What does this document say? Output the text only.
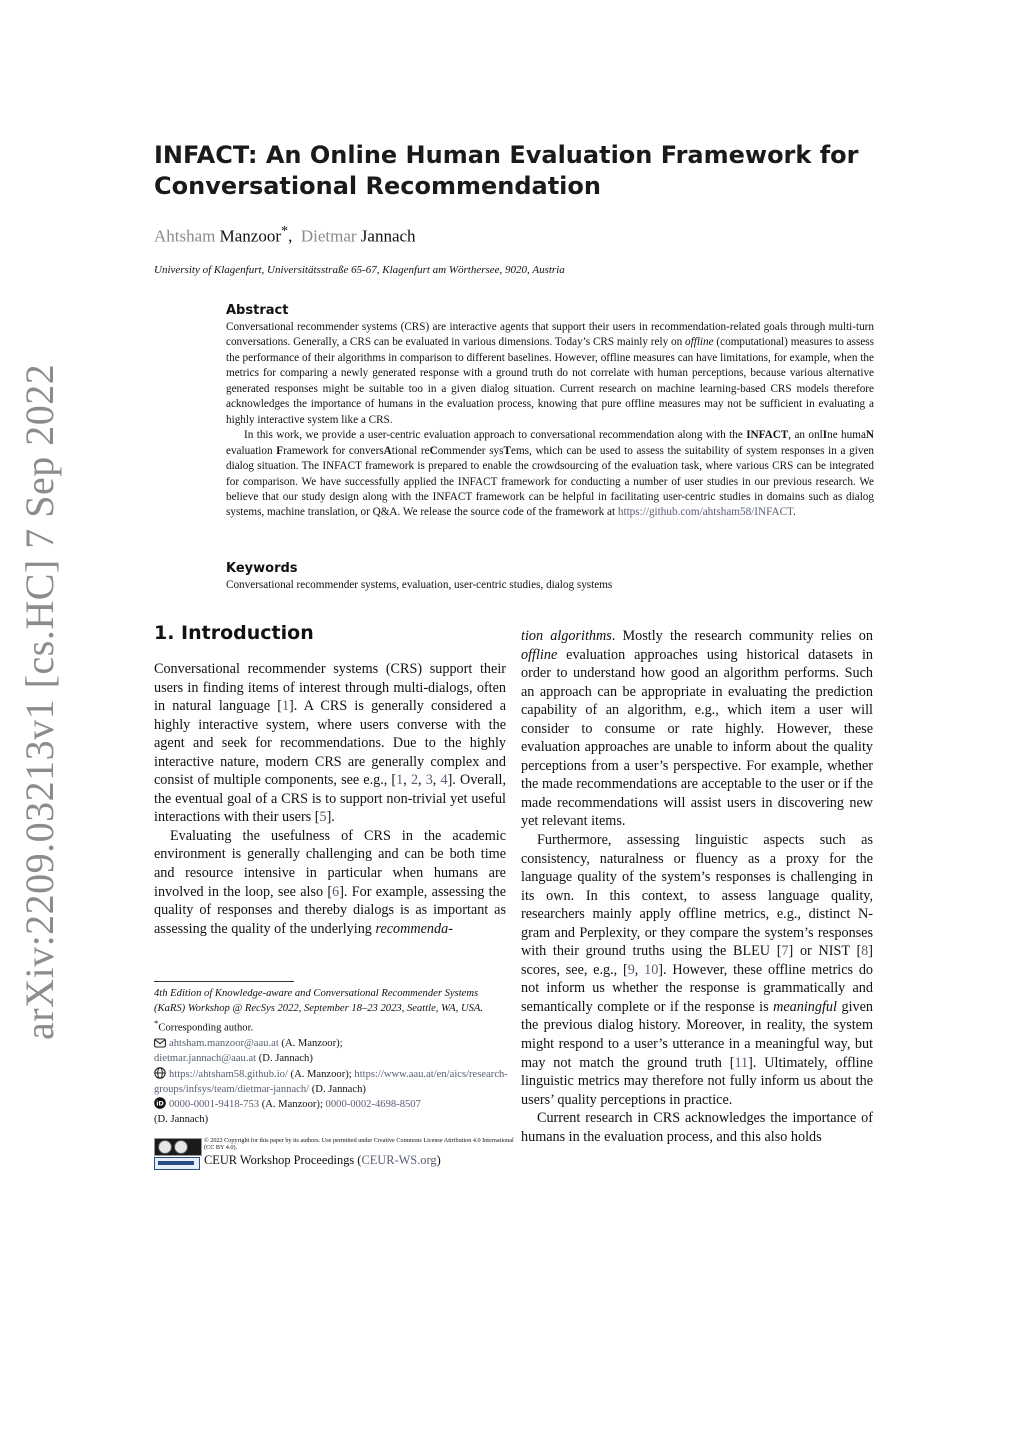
arXiv:2209.03213v1 [cs.HC] 7 Sep 2022
INFACT: An Online Human Evaluation Framework for Conversational Recommendation
Ahtsham Manzoor*,  Dietmar Jannach
University of Klagenfurt, Universitätsstraße 65-67, Klagenfurt am Wörthersee, 9020, Austria
Abstract

Conversational recommender systems (CRS) are interactive agents that support their users in recommendation-related goals through multi-turn conversations. Generally, a CRS can be evaluated in various dimensions. Today’s CRS mainly rely on offline (computational) measures to assess the performance of their algorithms in comparison to different baselines. However, offline measures can have limitations, for example, when the metrics for comparing a newly generated response with a ground truth do not correlate with human perceptions, because various alternative generated responses might be suitable too in a given dialog situation. Current research on machine learning-based CRS models therefore acknowledges the importance of humans in the evaluation process, knowing that pure offline measures may not be sufficient in evaluating a highly interactive system like a CRS.

In this work, we provide a user-centric evaluation approach to conversational recommendation along with the INFACT, an onlIne humaN evaluation Framework for conversAtional reCommender sysTems, which can be used to assess the suitability of system responses in a given dialog situation. The INFACT framework is prepared to enable the crowdsourcing of the evaluation task, where various CRS can be integrated for comparison. We have successfully applied the INFACT framework for conducting a number of user studies in our previous research. We believe that our study design along with the INFACT framework can be helpful in facilitating user-centric studies in domains such as dialog systems, machine translation, or Q&A. We release the source code of the framework at https://github.com/ahtsham58/INFACT.

Keywords
Conversational recommender systems, evaluation, user-centric studies, dialog systems
1. Introduction

Conversational recommender systems (CRS) support their users in finding items of interest through multi-dialogs, often in natural language [1]. A CRS is generally considered a highly interactive system, where users converse with the agent and seek for recommendations. Due to the highly interactive nature, modern CRS are generally complex and consist of multiple components, see e.g., [1, 2, 3, 4]. Overall, the eventual goal of a CRS is to support non-trivial yet useful interactions with their users [5].

Evaluating the usefulness of CRS in the academic environment is generally challenging and can be both time and resource intensive in particular when humans are involved in the loop, see also [6]. For example, assessing the quality of responses and thereby dialogs is as important as assessing the quality of the underlying recommenda-

tion algorithms. Mostly the research community relies on offline evaluation approaches using historical datasets in order to understand how good an algorithm performs. Such an approach can be appropriate in evaluating the prediction capability of an algorithm, e.g., which item a user will consider to consume or rate highly. However, these evaluation approaches are unable to inform about the quality perceptions from a user’s perspective. For example, whether the made recommendations are acceptable to the user or if the made recommendations will assist users in discovering new yet relevant items.

Furthermore, assessing linguistic aspects such as consistency, naturalness or fluency as a proxy for the language quality of the system’s responses is challenging in its own. In this context, to assess language quality, researchers mainly apply offline metrics, e.g., distinct N-gram and Perplexity, or they compare the system’s responses with their ground truths using the BLEU [7] or NIST [8] scores, see, e.g., [9, 10]. However, these offline metrics do not inform us whether the response is grammatically and semantically complete or if the response is meaningful given the previous dialog history. Moreover, in reality, the system might respond to a user’s utterance in a meaningful way, but may not match the ground truth [11]. Ultimately, offline linguistic metrics may therefore not fully inform us about the users’ quality perceptions in practice.

Current research in CRS acknowledges the importance of humans in the evaluation process, and this also holds

4th Edition of Knowledge-aware and Conversational Recommender Systems (KaRS) Workshop @ RecSys 2022, September 18–23 2023, Seattle, WA, USA.

*Corresponding author.

ahtsham.manzoor@aau.at (A. Manzoor);
dietmar.jannach@aau.at (D. Jannach)

https://ahtsham58.github.io/ (A. Manzoor); https://www.aau.at/en/aics/research-groups/infsys/team/dietmar-jannach/ (D. Jannach)

iD 0000-0001-9418-753 (A. Manzoor); 0000-0002-4698-8507
(D. Jannach)

© 2022 Copyright for this paper by its authors. Use permitted under Creative Commons License Attribution 4.0 International (CC BY 4.0).
CEUR Workshop Proceedings (CEUR-WS.org)
